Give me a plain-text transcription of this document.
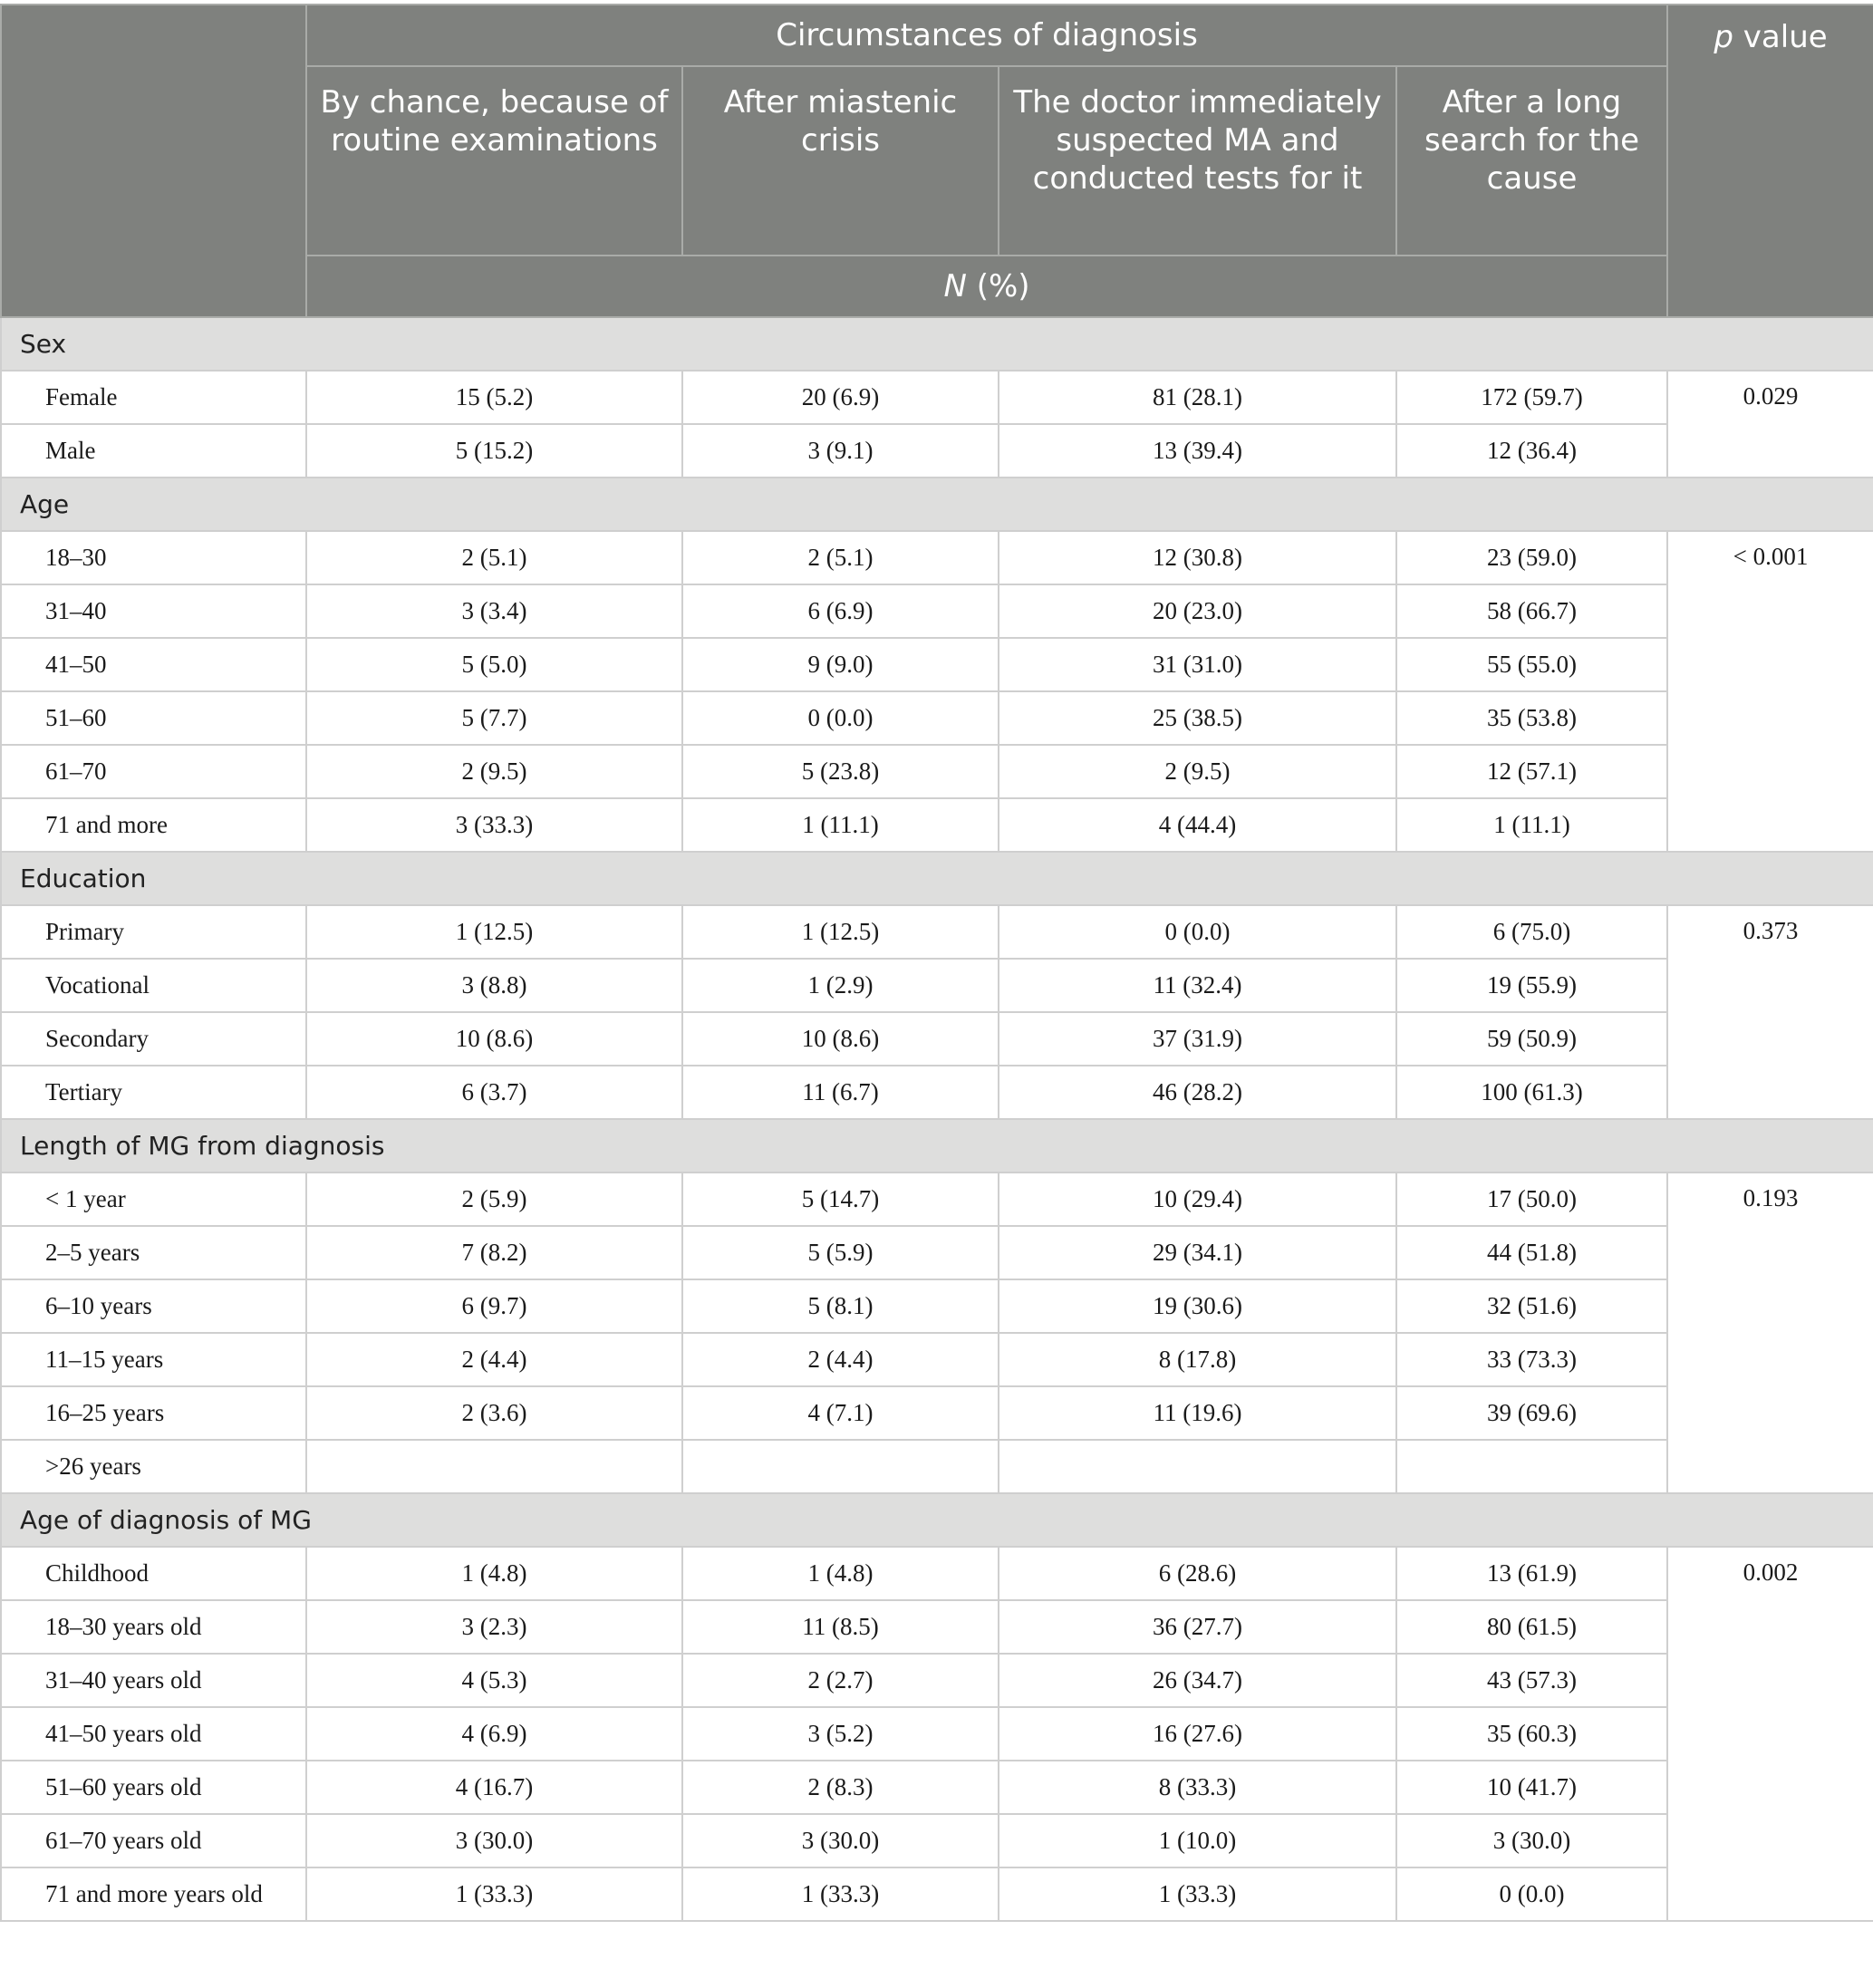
	Circumstances of diagnosis				p value
	By chance, because of routine examinations	After miastenic crisis	The doctor immediately suspected MA and conducted tests for it	After a long search for the cause	
	N (%)				
Sex					
Female	15 (5.2)	20 (6.9)	81 (28.1)	172 (59.7)	0.029
Male	5 (15.2)	3 (9.1)	13 (39.4)	12 (36.4)	
Age					
18–30	2 (5.1)	2 (5.1)	12 (30.8)	23 (59.0)	< 0.001
31–40	3 (3.4)	6 (6.9)	20 (23.0)	58 (66.7)	
41–50	5 (5.0)	9 (9.0)	31 (31.0)	55 (55.0)	
51–60	5 (7.7)	0 (0.0)	25 (38.5)	35 (53.8)	
61–70	2 (9.5)	5 (23.8)	2 (9.5)	12 (57.1)	
71 and more	3 (33.3)	1 (11.1)	4 (44.4)	1 (11.1)	
Education					
Primary	1 (12.5)	1 (12.5)	0 (0.0)	6 (75.0)	0.373
Vocational	3 (8.8)	1 (2.9)	11 (32.4)	19 (55.9)	
Secondary	10 (8.6)	10 (8.6)	37 (31.9)	59 (50.9)	
Tertiary	6 (3.7)	11 (6.7)	46 (28.2)	100 (61.3)	
Length of MG from diagnosis					
< 1 year	2 (5.9)	5 (14.7)	10 (29.4)	17 (50.0)	0.193
2–5 years	7 (8.2)	5 (5.9)	29 (34.1)	44 (51.8)	
6–10 years	6 (9.7)	5 (8.1)	19 (30.6)	32 (51.6)	
11–15 years	2 (4.4)	2 (4.4)	8 (17.8)	33 (73.3)	
16–25 years	2 (3.6)	4 (7.1)	11 (19.6)	39 (69.6)	
>26 years					
Age of diagnosis of MG					
Childhood	1 (4.8)	1 (4.8)	6 (28.6)	13 (61.9)	0.002
18–30 years old	3 (2.3)	11 (8.5)	36 (27.7)	80 (61.5)	
31–40 years old	4 (5.3)	2 (2.7)	26 (34.7)	43 (57.3)	
41–50 years old	4 (6.9)	3 (5.2)	16 (27.6)	35 (60.3)	
51–60 years old	4 (16.7)	2 (8.3)	8 (33.3)	10 (41.7)	
61–70 years old	3 (30.0)	3 (30.0)	1 (10.0)	3 (30.0)	
71 and more years old	1 (33.3)	1 (33.3)	1 (33.3)	0 (0.0)	
